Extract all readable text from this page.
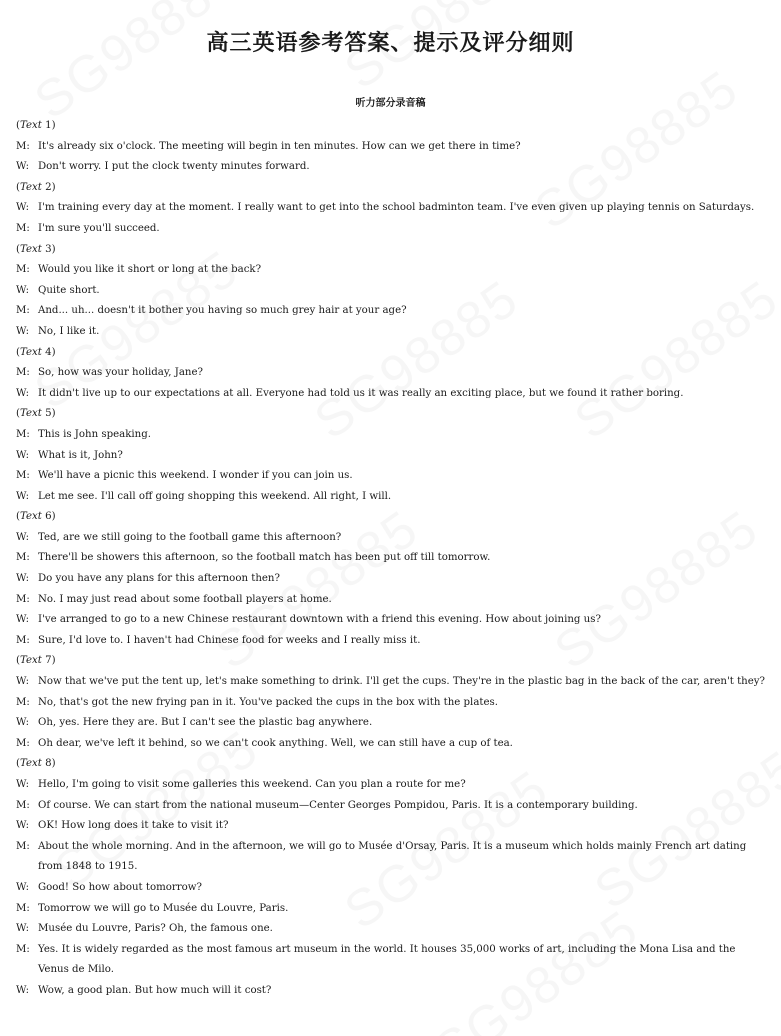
高三英语参考答案、提示及评分细则
听力部分录音稿
(Text 1)
M: It's already six o'clock. The meeting will begin in ten minutes. How can we get there in time?
W: Don't worry. I put the clock twenty minutes forward.
(Text 2)
W: I'm training every day at the moment. I really want to get into the school badminton team. I've even given up playing tennis on Saturdays.
M: I'm sure you'll succeed.
(Text 3)
M: Would you like it short or long at the back?
W: Quite short.
M: And... uh... doesn't it bother you having so much grey hair at your age?
W: No, I like it.
(Text 4)
M: So, how was your holiday, Jane?
W: It didn't live up to our expectations at all. Everyone had told us it was really an exciting place, but we found it rather boring.
(Text 5)
M: This is John speaking.
W: What is it, John?
M: We'll have a picnic this weekend. I wonder if you can join us.
W: Let me see. I'll call off going shopping this weekend. All right, I will.
(Text 6)
W: Ted, are we still going to the football game this afternoon?
M: There'll be showers this afternoon, so the football match has been put off till tomorrow.
W: Do you have any plans for this afternoon then?
M: No. I may just read about some football players at home.
W: I've arranged to go to a new Chinese restaurant downtown with a friend this evening. How about joining us?
M: Sure, I'd love to. I haven't had Chinese food for weeks and I really miss it.
(Text 7)
W: Now that we've put the tent up, let's make something to drink. I'll get the cups. They're in the plastic bag in the back of the car, aren't they?
M: No, that's got the new frying pan in it. You've packed the cups in the box with the plates.
W: Oh, yes. Here they are. But I can't see the plastic bag anywhere.
M: Oh dear, we've left it behind, so we can't cook anything. Well, we can still have a cup of tea.
(Text 8)
W: Hello, I'm going to visit some galleries this weekend. Can you plan a route for me?
M: Of course. We can start from the national museum—Center Georges Pompidou, Paris. It is a contemporary building.
W: OK! How long does it take to visit it?
M: About the whole morning. And in the afternoon, we will go to Musée d'Orsay, Paris. It is a museum which holds mainly French art dating from 1848 to 1915.
W: Good! So how about tomorrow?
M: Tomorrow we will go to Musée du Louvre, Paris.
W: Musée du Louvre, Paris? Oh, the famous one.
M: Yes. It is widely regarded as the most famous art museum in the world. It houses 35,000 works of art, including the Mona Lisa and the Venus de Milo.
W: Wow, a good plan. But how much will it cost?
